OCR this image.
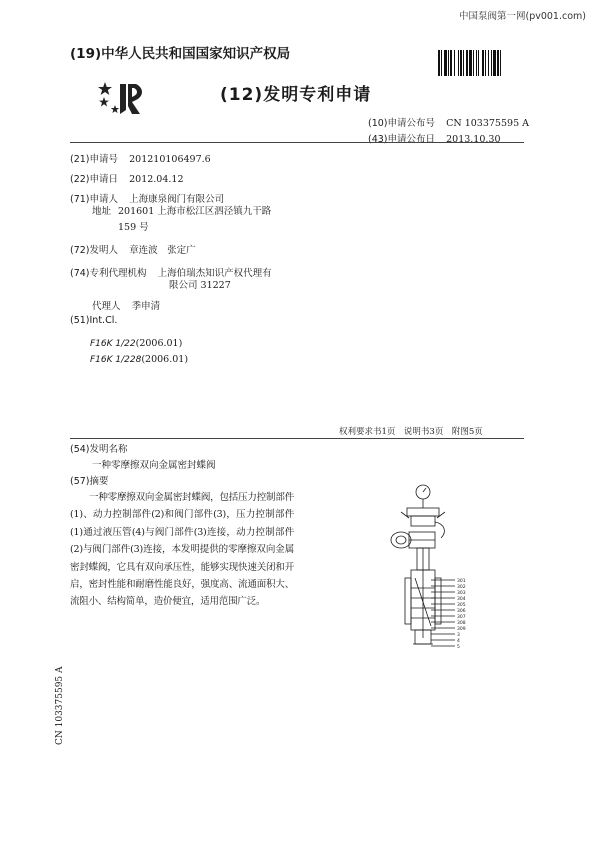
中国泵阀第一网(pv001.com)
(19)中华人民共和国国家知识产权局
(12)发明专利申请
(10)申请公布号 CN 103375595 A
(43)申请公布日 2013.10.30
(21)申请号 201210106497.6
(22)申请日 2012.04.12
(71)申请人 上海康泉阀门有限公司
地址 201601 上海市松江区泗泾镇九干路
159 号
(72)发明人 章连波　张定广
(74)专利代理机构 上海伯瑞杰知识产权代理有
限公司 31227
代理人 季申清
(51)Int.Cl.
F16K 1/22(2006.01)
F16K 1/228(2006.01)
权利要求书1页　说明书3页　附图5页
(54)发明名称
一种零摩擦双向金属密封蝶阀
(57)摘要
一种零摩擦双向金属密封蝶阀，包括压力控制部件(1)、动力控制部件(2)和阀门部件(3)，压力控制部件(1)通过液压管(4)与阀门部件(3)连接，动力控制部件(2)与阀门部件(3)连接，本发明提供的零摩擦双向金属密封蝶阀，它具有双向承压性，能够实现快速关闭和开启，密封性能和耐磨性能良好，强度高、流通面积大、流阻小、结构简单，造价便宜，适用范围广泛。
301
302
303
304
305
306
307
308
309
3
4
5
CN 103375595 A
